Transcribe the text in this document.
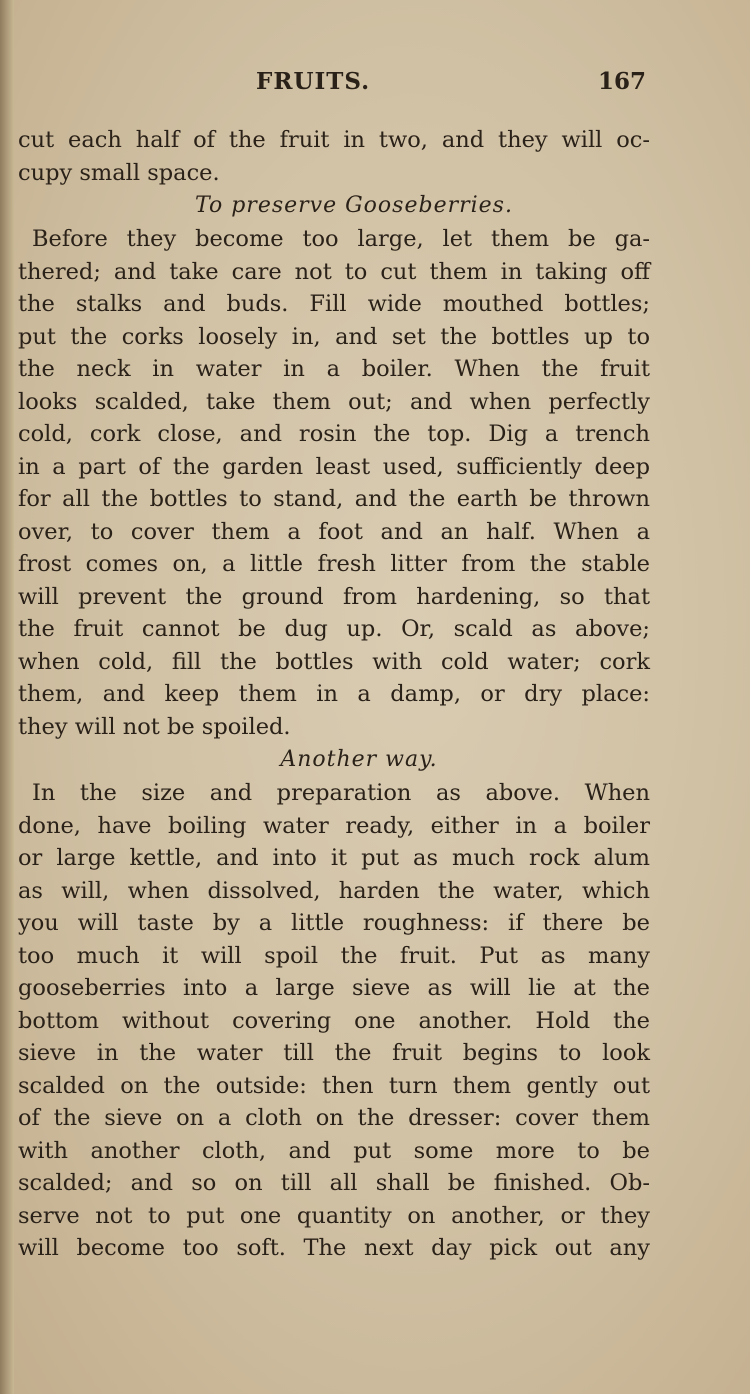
FRUITS.	167
cut each half of the fruit in two, and they will oc-
cupy small space.
To preserve Gooseberries.
Before they become too large, let them be ga-
thered; and take care not to cut them in taking off
the stalks and buds. Fill wide mouthed bottles;
put the corks loosely in, and set the bottles up to
the neck in water in a boiler. When the fruit
looks scalded, take them out; and when perfectly
cold, cork close, and rosin the top. Dig a trench
in a part of the garden least used, sufficiently deep
for all the bottles to stand, and the earth be thrown
over, to cover them a foot and an half. When a
frost comes on, a little fresh litter from the stable
will prevent the ground from hardening, so that
the fruit cannot be dug up. Or, scald as above;
when cold, fill the bottles with cold water; cork
them, and keep them in a damp, or dry place:
they will not be spoiled.
Another way.
In the size and preparation as above. When
done, have boiling water ready, either in a boiler
or large kettle, and into it put as much rock alum
as will, when dissolved, harden the water, which
you will taste by a little roughness: if there be
too much it will spoil the fruit. Put as many
gooseberries into a large sieve as will lie at the
bottom without covering one another. Hold the
sieve in the water till the fruit begins to look
scalded on the outside: then turn them gently out
of the sieve on a cloth on the dresser: cover them
with another cloth, and put some more to be
scalded; and so on till all shall be finished. Ob-
serve not to put one quantity on another, or they
will become too soft. The next day pick out any
